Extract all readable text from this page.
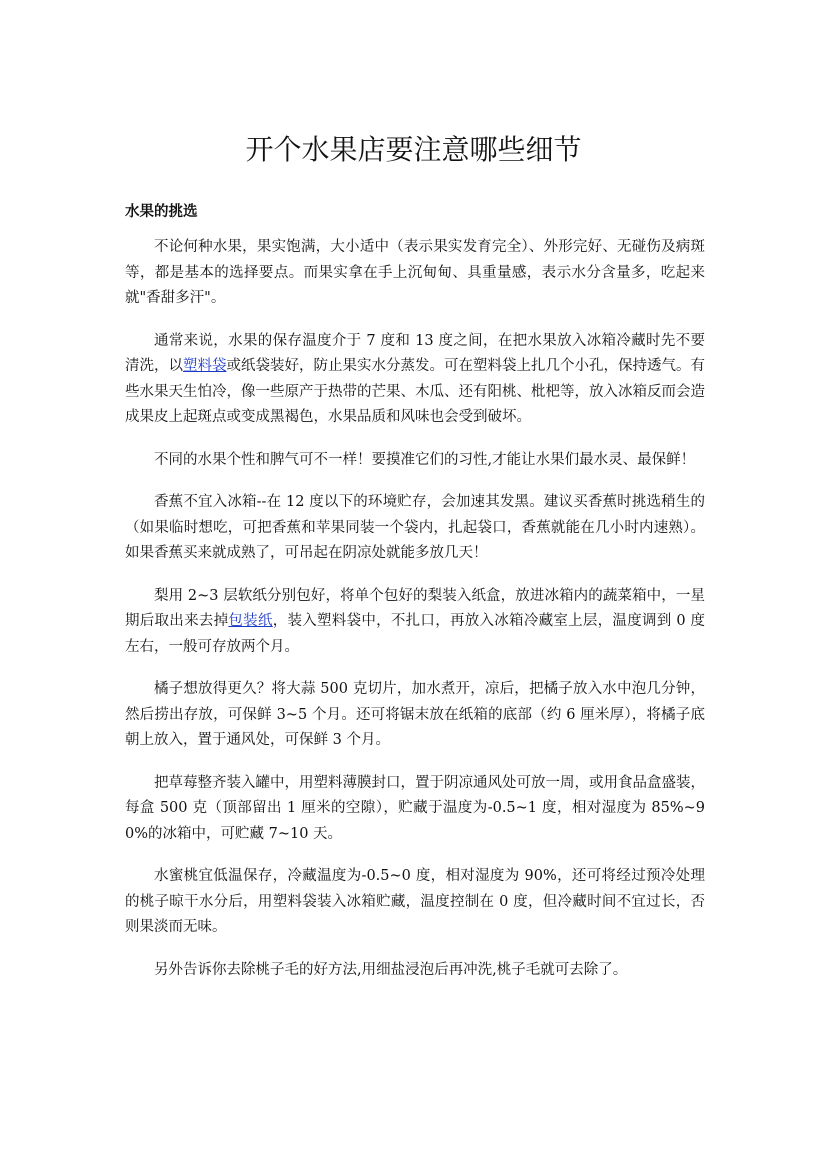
开个水果店要注意哪些细节
水果的挑选

不论何种水果，果实饱满，大小适中（表示果实发育完全）、外形完好、无碰伤及病斑等，都是基本的选择要点。而果实拿在手上沉甸甸、具重量感，表示水分含量多，吃起来就"香甜多汗"。

通常来说，水果的保存温度介于 7 度和 13 度之间，在把水果放入冰箱冷藏时先不要清洗，以塑料袋或纸袋装好，防止果实水分蒸发。可在塑料袋上扎几个小孔，保持透气。有些水果天生怕冷，像一些原产于热带的芒果、木瓜、还有阳桃、枇杷等，放入冰箱反而会造成果皮上起斑点或变成黑褐色，水果品质和风味也会受到破坏。

不同的水果个性和脾气可不一样！要摸准它们的习性,才能让水果们最水灵、最保鲜！

香蕉不宜入冰箱--在 12 度以下的环境贮存，会加速其发黑。建议买香蕉时挑选稍生的（如果临时想吃，可把香蕉和苹果同装一个袋内，扎起袋口，香蕉就能在几小时内速熟）。如果香蕉买来就成熟了，可吊起在阴凉处就能多放几天！

梨用 2~3 层软纸分别包好，将单个包好的梨装入纸盒，放进冰箱内的蔬菜箱中，一星期后取出来去掉包装纸，装入塑料袋中，不扎口，再放入冰箱冷藏室上层，温度调到 0 度左右，一般可存放两个月。

橘子想放得更久？将大蒜 500 克切片，加水煮开，凉后，把橘子放入水中泡几分钟，然后捞出存放，可保鲜 3~5 个月。还可将锯末放在纸箱的底部（约 6 厘米厚），将橘子底朝上放入，置于通风处，可保鲜 3 个月。

把草莓整齐装入罐中，用塑料薄膜封口，置于阴凉通风处可放一周，或用食品盒盛装，每盒 500 克（顶部留出 1 厘米的空隙），贮藏于温度为-0.5~1 度，相对湿度为 85%~90%的冰箱中，可贮藏 7~10 天。

水蜜桃宜低温保存，冷藏温度为-0.5~0 度，相对湿度为 90%，还可将经过预冷处理的桃子晾干水分后，用塑料袋装入冰箱贮藏，温度控制在 0 度，但冷藏时间不宜过长，否则果淡而无味。

另外告诉你去除桃子毛的好方法,用细盐浸泡后再冲洗,桃子毛就可去除了。
